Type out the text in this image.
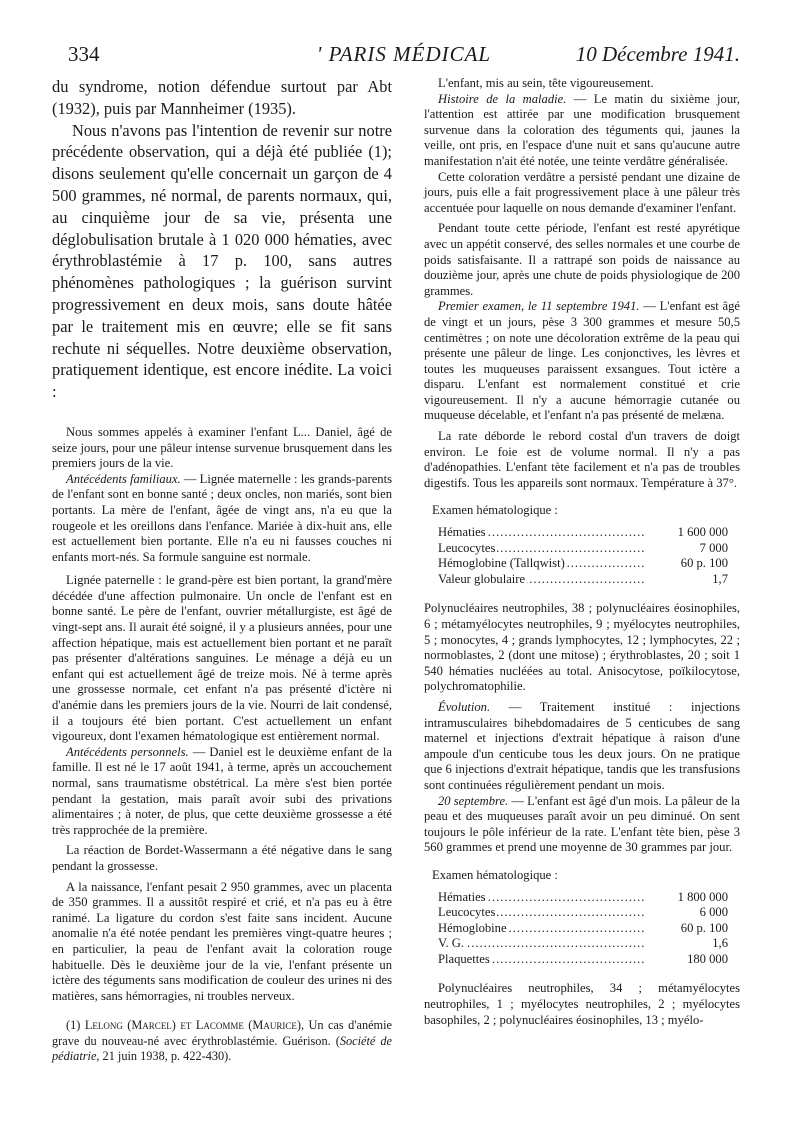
' PARIS MÉDICAL
334	10 Décembre 1941.

du syndrome, notion défendue surtout par Abt (1932), puis par Mannheimer (1935).

Nous n'avons pas l'intention de revenir sur notre précédente observation, qui a déjà été publiée (1); disons seulement qu'elle concernait un garçon de 4 500 grammes, né normal, de parents normaux, qui, au cinquième jour de sa vie, présenta une déglobulisation brutale à 1 020 000 hématies, avec érythroblastémie à 17 p. 100, sans autres phénomènes pathologiques ; la guérison survint progressivement en deux mois, sans doute hâtée par le traitement mis en œuvre; elle se fit sans rechute ni séquelles. Notre deuxième observation, pratiquement identique, est encore inédite. La voici :

Nous sommes appelés à examiner l'enfant L... Daniel, âgé de seize jours, pour une pâleur intense survenue brusquement dans les premiers jours de la vie.

Antécédents familiaux. — Lignée maternelle : les grands-parents de l'enfant sont en bonne santé ; deux oncles, non mariés, sont bien portants. La mère de l'enfant, âgée de vingt ans, n'a eu que la rougeole et les oreillons dans l'enfance. Mariée à dix-huit ans, elle est actuellement bien portante. Elle n'a eu ni fausses couches ni enfants mort-nés. Sa formule sanguine est normale.

Lignée paternelle : le grand-père est bien portant, la grand'mère décédée d'une affection pulmonaire. Un oncle de l'enfant est en bonne santé. Le père de l'enfant, ouvrier métallurgiste, est âgé de vingt-sept ans. Il aurait été soigné, il y a plusieurs années, pour une affection hépatique, mais est actuellement bien portant et ne paraît pas présenter d'altérations sanguines. Le ménage a déjà eu un enfant qui est actuellement âgé de treize mois. Né à terme après une grossesse normale, cet enfant n'a pas présenté d'ictère ni d'anémie dans les premiers jours de la vie. Nourri de lait condensé, il a toujours été bien portant. C'est actuellement un enfant vigoureux, dont l'examen hématologique est entièrement normal.

Antécédents personnels. — Daniel est le deuxième enfant de la famille. Il est né le 17 août 1941, à terme, après un accouchement normal, sans traumatisme obstétrical. La mère s'est bien portée pendant la gestation, mais paraît avoir subi des privations alimentaires ; à noter, de plus, que cette deuxième grossesse a été très rapprochée de la première.

La réaction de Bordet-Wassermann a été négative dans le sang pendant la grossesse.

A la naissance, l'enfant pesait 2 950 grammes, avec un placenta de 350 grammes. Il a aussitôt respiré et crié, et n'a pas eu à être ranimé. La ligature du cordon s'est faite sans incident. Aucune anomalie n'a été notée pendant les premières vingt-quatre heures ; en particulier, la peau de l'enfant avait la coloration rouge habituelle. Dès le deuxième jour de la vie, l'enfant présente un ictère des téguments sans modification de couleur des urines ni des matières, sans hémorragies, ni troubles nerveux.

(1) Lelong (Marcel) et Lacomme (Maurice), Un cas d'anémie grave du nouveau-né avec érythroblastémie. Guérison. (Société de pédiatrie, 21 juin 1938, p. 422-430).

L'enfant, mis au sein, tête vigoureusement.

Histoire de la maladie. — Le matin du sixième jour, l'attention est attirée par une modification brusquement survenue dans la coloration des téguments qui, jaunes la veille, ont pris, en l'espace d'une nuit et sans qu'aucune autre manifestation n'ait été notée, une teinte verdâtre généralisée.

Cette coloration verdâtre a persisté pendant une dizaine de jours, puis elle a fait progressivement place à une pâleur très accentuée pour laquelle on nous demande d'examiner l'enfant.

Pendant toute cette période, l'enfant est resté apyrétique avec un appétit conservé, des selles normales et une courbe de poids satisfaisante. Il a rattrapé son poids de naissance au douzième jour, après une chute de poids physiologique de 200 grammes.

Premier examen, le 11 septembre 1941. — L'enfant est âgé de vingt et un jours, pèse 3 300 grammes et mesure 50,5 centimètres ; on note une décoloration extrême de la peau qui présente une pâleur de linge. Les conjonctives, les lèvres et toutes les muqueuses paraissent exsangues. Tout ictère a disparu. L'enfant est normalement constitué et crie vigoureusement. Il n'y a aucune hémorragie cutanée ou muqueuse décelable, et l'enfant n'a pas présenté de melæna.

La rate déborde le rebord costal d'un travers de doigt environ. Le foie est de volume normal. Il n'y a pas d'adénopathies. L'enfant tète facilement et n'a pas de troubles digestifs. Tous les appareils sont normaux. Température à 37°.

Examen hématologique :

Hématies .....	1 600 000
Leucocytes .....	7 000
Hémoglobine (Tallqwist) .....	60 p. 100
Valeur globulaire .....	1,7

Polynucléaires neutrophiles, 38 ; polynucléaires éosinophiles, 6 ; métamyélocytes neutrophiles, 9 ; myélocytes neutrophiles, 5 ; monocytes, 4 ; grands lymphocytes, 12 ; lymphocytes, 22 ; normoblastes, 2 (dont une mitose) ; érythroblastes, 20 ; soit 1 540 hématies nucléées au total. Anisocytose, poïkilocytose, polychromatophilie.

Évolution. — Traitement institué : injections intramusculaires bihebdomadaires de 5 centicubes de sang maternel et injections d'extrait hépatique à raison d'une ampoule d'un centicube tous les deux jours. On ne pratique que 6 injections d'extrait hépatique, tandis que les transfusions sont continuées régulièrement pendant un mois.

20 septembre. — L'enfant est âgé d'un mois. La pâleur de la peau et des muqueuses paraît avoir un peu diminué. On sent toujours le pôle inférieur de la rate. L'enfant tète bien, pèse 3 560 grammes et prend une moyenne de 30 grammes par jour.

Examen hématologique :

Hématies .....	1 800 000
Leucocytes .....	6 000
Hémoglobine .....	60 p. 100
V. G. .....	1,6
Plaquettes .....	180 000

Polynucléaires neutrophiles, 34 ; métamyélocytes neutrophiles, 1 ; myélocytes neutrophiles, 2 ; myélocytes basophiles, 2 ; polynucléaires éosinophiles, 13 ; myélo-
